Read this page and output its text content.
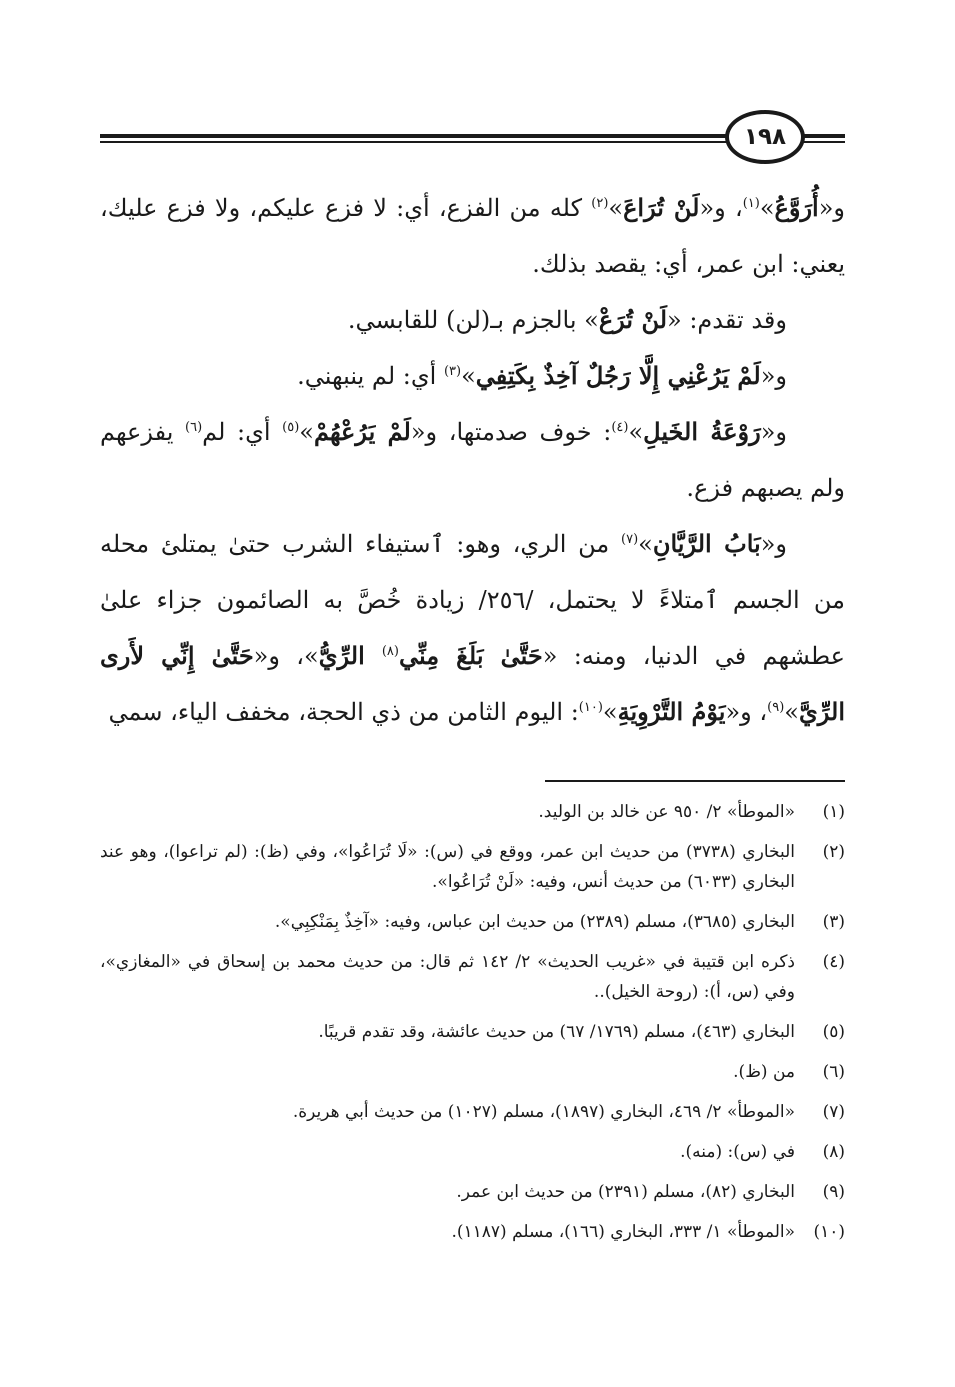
١٩٨

و«أُرَوَّعُ»$^{(١)}$، و«لَنْ تُرَاعَ»$^{(٢)}$ كله من الفزع، أي: لا فزع عليكم، ولا فزع عليك، يعني: ابن عمر، أي: يقصد بذلك.

وقد تقدم: «لَنْ تُرَعْ» بالجزم بـ(لن) للقابسي.

و«لَمْ يَرُعْنِي إِلَّا رَجُلٌ آخِذٌ بِكَتِفِي»$^{(٣)}$ أي: لم ينبهني.

و«رَوْعَةُ الخَيلِ»$^{(٤)}$: خوف صدمتها، و«لَمْ يَرُعْهُمْ»$^{(٥)}$ أي: لم$^{(٦)}$ يفزعهم ولم يصبهم فزع.

و«بَابُ الرَّيَّانِ»$^{(٧)}$ من الري، وهو: ٱستيفاء الشرب حتىٰ يمتلئ محله من الجسم ٱمتلاءً لا يحتمل، /٢٥٦/ زيادة خُصَّ به الصائمون جزاء علىٰ عطشهم في الدنيا، ومنه: «حَتَّىٰ بَلَغَ مِنِّي$^{(٨)}$ الرِّيُّ»، و«حَتَّىٰ إِنِّي لأَرى الرِّيَّ»$^{(٩)}$، و«يَوْمُ التَّرْوِيَةِ»$^{(١٠)}$: اليوم الثامن من ذي الحجة، مخفف الياء، سمي

(١)
«الموطأ» ٢/ ٩٥٠ عن خالد بن الوليد.
(٢)
البخاري (٣٧٣٨) من حديث ابن عمر، ووقع في (س): «لَا تُرَاعُوا»، وفي (ظ): (لم تراعوا)، وهو عند البخاري (٦٠٣٣) من حديث أنس، وفيه: «لَنْ تُرَاعُوا».
(٣)
البخاري (٣٦٨٥)، مسلم (٢٣٨٩) من حديث ابن عباس، وفيه: «آخِذٌ بِمَنْكِبِي».
(٤)
ذكره ابن قتيبة في «غريب الحديث» ٢/ ١٤٢ ثم قال: من حديث محمد بن إسحاق في «المغازي»، وفي (س، أ): (روحة الخيل)..
(٥)
البخاري (٤٦٣)، مسلم (١٧٦٩/ ٦٧) من حديث عائشة، وقد تقدم قريبًا.
(٦)
من (ظ).
(٧)
«الموطأ» ٢/ ٤٦٩، البخاري (١٨٩٧)، مسلم (١٠٢٧) من حديث أبي هريرة.
(٨)
في (س): (منه).
(٩)
البخاري (٨٢)، مسلم (٢٣٩١) من حديث ابن عمر.
(١٠)
«الموطأ» ١/ ٣٣٣، البخاري (١٦٦)، مسلم (١١٨٧).
